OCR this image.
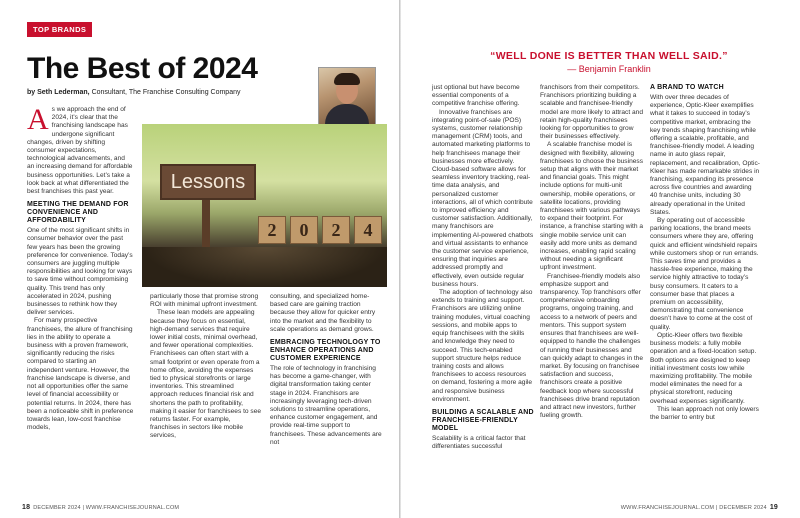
TOP BRANDS
The Best of 2024
by Seth Lederman, Consultant, The Franchise Consulting Company

As we approach the end of 2024, it’s clear that the franchising landscape has undergone significant changes, driven by shifting consumer expectations, technological advancements, and an increasing demand for affordable business opportunities. Let’s take a look back at what differentiated the best franchises this past year.

MEETING THE DEMAND FOR CONVENIENCE AND AFFORDABILITY

One of the most significant shifts in consumer behavior over the past few years has been the growing preference for convenience. Today’s consumers are juggling multiple responsibilities and looking for ways to save time without compromising quality. This trend has only accelerated in 2024, pushing businesses to rethink how they deliver services.

For many prospective franchisees, the allure of franchising lies in the ability to operate a business with a proven framework, significantly reducing the risks compared to starting an independent venture. However, the franchise landscape is diverse, and not all opportunities offer the same level of financial accessibility or potential returns. In 2024, there has been a noticeable shift in preference towards lean, low-cost franchise models,

Lessons
2	0	2	4

particularly those that promise strong ROI with minimal upfront investment.

These lean models are appealing because they focus on essential, high-demand services that require lower initial costs, minimal overhead, and fewer operational complexities. Franchisees can often start with a small footprint or even operate from a home office, avoiding the expenses tied to physical storefronts or large inventories. This streamlined approach reduces financial risk and shortens the path to profitability, making it easier for franchisees to see returns faster. For example, franchises in sectors like mobile services,

consulting, and specialized home-based care are gaining traction because they allow for quicker entry into the market and the flexibility to scale operations as demand grows.

EMBRACING TECHNOLOGY TO ENHANCE OPERATIONS AND CUSTOMER EXPERIENCE

The role of technology in franchising has become a game-changer, with digital transformation taking center stage in 2024. Franchisors are increasingly leveraging tech-driven solutions to streamline operations, enhance customer engagement, and provide real-time support to franchisees. These advancements are not

18 DECEMBER 2024 | WWW.FRANCHISEJOURNAL.COM
“WELL DONE IS BETTER THAN WELL SAID.”
— Benjamin Franklin

just optional but have become essential components of a competitive franchise offering.

Innovative franchises are integrating point-of-sale (POS) systems, customer relationship management (CRM) tools, and automated marketing platforms to help franchisees manage their businesses more effectively. Cloud-based software allows for seamless inventory tracking, real-time data analysis, and personalized customer interactions, all of which contribute to improved efficiency and customer satisfaction. Additionally, many franchisors are implementing AI-powered chatbots and virtual assistants to enhance the customer service experience, ensuring that inquiries are addressed promptly and effectively, even outside regular business hours.

The adoption of technology also extends to training and support. Franchisors are utilizing online training modules, virtual coaching sessions, and mobile apps to equip franchisees with the skills and knowledge they need to succeed. This tech-enabled support structure helps reduce training costs and allows franchisees to access resources on demand, fostering a more agile and responsive business environment.

BUILDING A SCALABLE AND FRANCHISEE-FRIENDLY MODEL

Scalability is a critical factor that differentiates successful

franchisors from their competitors. Franchisors prioritizing building a scalable and franchisee-friendly model are more likely to attract and retain high-quality franchisees looking for opportunities to grow their businesses effectively.

A scalable franchise model is designed with flexibility, allowing franchisees to choose the business setup that aligns with their market and financial goals. This might include options for multi-unit ownership, mobile operations, or satellite locations, providing franchisees with various pathways to expand their footprint. For instance, a franchise starting with a single mobile service unit can easily add more units as demand increases, enabling rapid scaling without needing a significant upfront investment.

Franchisee-friendly models also emphasize support and transparency. Top franchisors offer comprehensive onboarding programs, ongoing training, and access to a network of peers and mentors. This support system ensures that franchisees are well-equipped to handle the challenges of running their businesses and can quickly adapt to changes in the market. By focusing on franchisee satisfaction and success, franchisors create a positive feedback loop where successful franchisees drive brand reputation and attract new investors, further fueling growth.

A BRAND TO WATCH

With over three decades of experience, Optic-Kleer exemplifies what it takes to succeed in today’s competitive market, embracing the key trends shaping franchising while offering a scalable, profitable, and franchisee-friendly model. A leading name in auto glass repair, replacement, and recalibration, Optic-Kleer has made remarkable strides in franchising, expanding its presence across five countries and awarding 40 franchise units, including 30 already operational in the United States.

By operating out of accessible parking locations, the brand meets consumers where they are, offering quick and efficient windshield repairs while customers shop or run errands. This saves time and provides a hassle-free experience, making the service highly attractive to today’s busy consumers. It caters to a consumer base that places a premium on accessibility, demonstrating that convenience doesn’t have to come at the cost of quality.

Optic-Kleer offers two flexible business models: a fully mobile operation and a fixed-location setup. Both options are designed to keep initial investment costs low while maximizing profitability. The mobile model eliminates the need for a physical storefront, reducing overhead expenses significantly.

This lean approach not only lowers the barrier to entry but

WWW.FRANCHISEJOURNAL.COM | DECEMBER 2024 19
